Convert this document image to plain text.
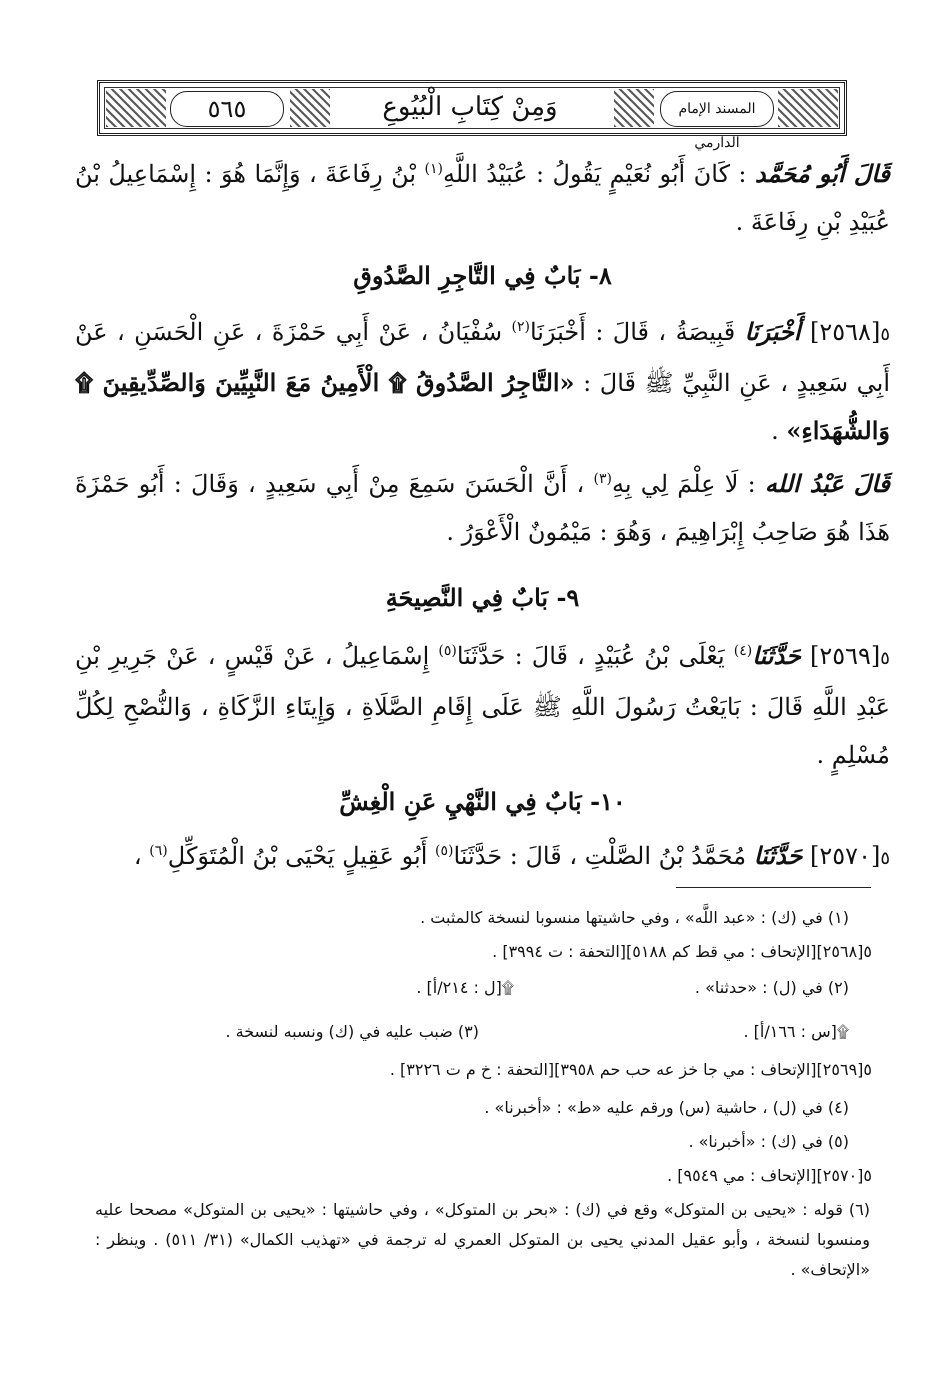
٥٦٥	وَمِنْ كِتَابِ الْبُيُوعِ	المسند الإمام الدارمي
قَالَ أَبُو مُحَمَّد : كَانَ أَبُو نُعَيْمٍ يَقُولُ : عُبَيْدُ اللَّهِ$^{(١)}$ بْنُ رِفَاعَةَ ، وَإِنَّمَا هُوَ : إِسْمَاعِيلُ بْنُ عُبَيْدِ بْنِ رِفَاعَةَ .
٨- بَابٌ فِي التَّاجِرِ الصَّدُوقِ
٥[٢٥٦٨] أَخْبَرَنَا قَبِيصَةُ ، قَالَ : أَخْبَرَنَا$^{(٢)}$ سُفْيَانُ ، عَنْ أَبِي حَمْزَةَ ، عَنِ الْحَسَنِ ، عَنْ أَبِي سَعِيدٍ ، عَنِ النَّبِيِّ ﷺ قَالَ : «التَّاجِرُ الصَّدُوقُ ۩ الْأَمِينُ مَعَ النَّبِيِّينَ وَالصِّدِّيقِينَ ۩ وَالشُّهَدَاءِ» .
قَالَ عَبْدُ الله : لَا عِلْمَ لِي بِهِ$^{(٣)}$ ، أَنَّ الْحَسَنَ سَمِعَ مِنْ أَبِي سَعِيدٍ ، وَقَالَ : أَبُو حَمْزَةَ هَذَا هُوَ صَاحِبُ إِبْرَاهِيمَ ، وَهُوَ : مَيْمُونٌ الْأَعْوَرُ .
٩- بَابٌ فِي النَّصِيحَةِ
٥[٢٥٦٩] حَدَّثَنَا$^{(٤)}$ يَعْلَى بْنُ عُبَيْدٍ ، قَالَ : حَدَّثَنَا$^{(٥)}$ إِسْمَاعِيلُ ، عَنْ قَيْسٍ ، عَنْ جَرِيرِ بْنِ عَبْدِ اللَّهِ قَالَ : بَايَعْتُ رَسُولَ اللَّهِ ﷺ عَلَى إِقَامِ الصَّلَاةِ ، وَإِيتَاءِ الزَّكَاةِ ، وَالنُّصْحِ لِكُلِّ مُسْلِمٍ .
١٠- بَابٌ فِي النَّهْيِ عَنِ الْغِشِّ
٥[٢٥٧٠] حَدَّثَنَا مُحَمَّدُ بْنُ الصَّلْتِ ، قَالَ : حَدَّثَنَا$^{(٥)}$ أَبُو عَقِيلٍ يَحْيَى بْنُ الْمُتَوَكِّلِ$^{(٦)}$ ،
(١) في (ك) : «عبد اللَّه» ، وفي حاشيتها منسوبا لنسخة كالمثبت .
٥[٢٥٦٨][الإتحاف : مي قط كم ٥١٨٨][التحفة : ت ٣٩٩٤] .
(٢) في (ل) : «حدثنا» .
۩[ل : ٢١٤/أ] .
(٣) ضبب عليه في (ك) ونسبه لنسخة .	۩[س : ١٦٦/أ] .
٥[٢٥٦٩][الإتحاف : مي جا خز عه حب حم ٣٩٥٨][التحفة : خ م ت ٣٢٢٦] .
(٤) في (ل) ، حاشية (س) ورقم عليه «ط» : «أخبرنا» .
(٥) في (ك) : «أخبرنا» .
٥[٢٥٧٠][الإتحاف : مي ٩٥٤٩] .
(٦) قوله : «يحيى بن المتوكل» وقع في (ك) : «بحر بن المتوكل» ، وفي حاشيتها : «يحيى بن المتوكل» مصححا عليه ومنسوبا لنسخة ، وأبو عقيل المدني يحيى بن المتوكل العمري له ترجمة في «تهذيب الكمال» (٣١/ ٥١١) . وينظر : «الإتحاف» .
